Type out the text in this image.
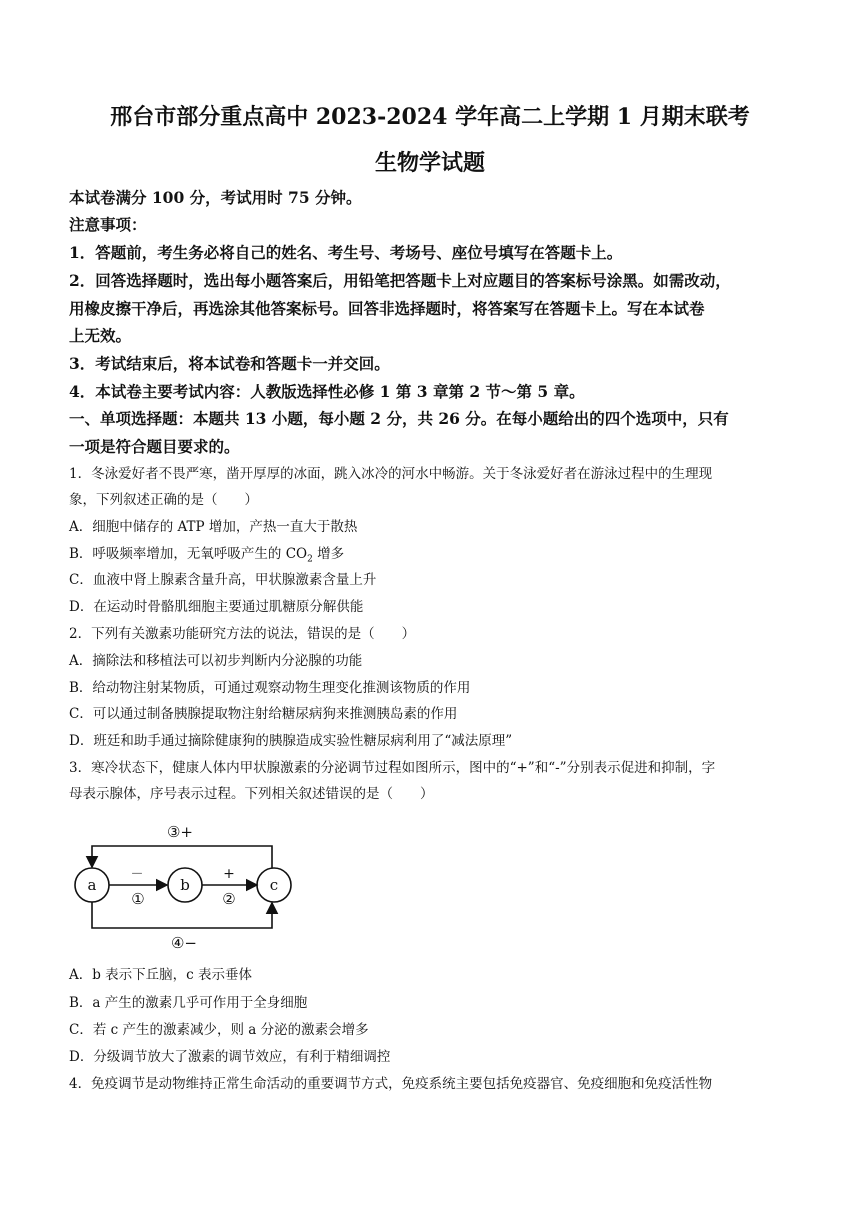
邢台市部分重点高中 2023-2024 学年高二上学期 1 月期末联考
生物学试题
本试卷满分 100 分，考试用时 75 分钟。
注意事项：
1．答题前，考生务必将自己的姓名、考生号、考场号、座位号填写在答题卡上。
2．回答选择题时，选出每小题答案后，用铅笔把答题卡上对应题目的答案标号涂黑。如需改动，
用橡皮擦干净后，再选涂其他答案标号。回答非选择题时，将答案写在答题卡上。写在本试卷
上无效。
3．考试结束后，将本试卷和答题卡一并交回。
4．本试卷主要考试内容：人教版选择性必修 1 第 3 章第 2 节～第 5 章。
一、单项选择题：本题共 13 小题，每小题 2 分，共 26 分。在每小题给出的四个选项中，只有
一项是符合题目要求的。
1．冬泳爱好者不畏严寒，凿开厚厚的冰面，跳入冰冷的河水中畅游。关于冬泳爱好者在游泳过程中的生理现
象，下列叙述正确的是（　　）
A．细胞中储存的 ATP 增加，产热一直大于散热
B．呼吸频率增加，无氧呼吸产生的 $CO_2$ 增多
C．血液中肾上腺素含量升高，甲状腺激素含量上升
D．在运动时骨骼肌细胞主要通过肌糖原分解供能
2．下列有关激素功能研究方法的说法，错误的是（　　）
A．摘除法和移植法可以初步判断内分泌腺的功能
B．给动物注射某物质，可通过观察动物生理变化推测该物质的作用
C．可以通过制备胰腺提取物注射给糖尿病狗来推测胰岛素的作用
D．班廷和助手通过摘除健康狗的胰腺造成实验性糖尿病利用了“减法原理”
3．寒冷状态下，健康人体内甲状腺激素的分泌调节过程如图所示，图中的“+”和“-”分别表示促进和抑制，字
母表示腺体，序号表示过程。下列相关叙述错误的是（　　）
a	b	c
－
①
+
②
③+
④−
A．b 表示下丘脑，c 表示垂体
B．a 产生的激素几乎可作用于全身细胞
C．若 c 产生的激素减少，则 a 分泌的激素会增多
D．分级调节放大了激素的调节效应，有利于精细调控
4．免疫调节是动物维持正常生命活动的重要调节方式，免疫系统主要包括免疫器官、免疫细胞和免疫活性物
